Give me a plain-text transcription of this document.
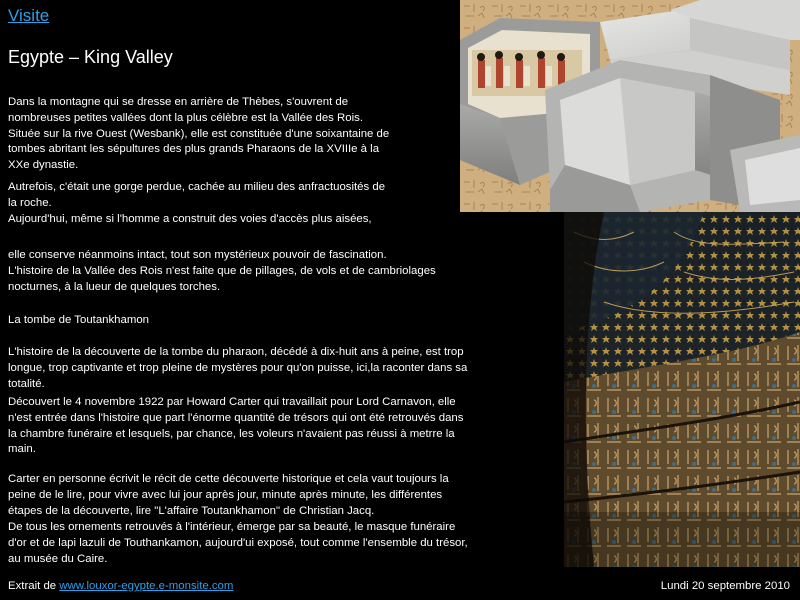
Visite
Egypte – King Valley

Dans la montagne qui se dresse en arrière de Thèbes, s'ouvrent de
nombreuses petites vallées dont la plus célèbre est la Vallée des Rois.
Située sur la rive Ouest (Wesbank), elle est constituée d'une soixantaine de
tombes abritant les sépultures des plus grands Pharaons de la XVIIIe à la
XXe dynastie.

Autrefois, c'était une gorge perdue, cachée au milieu des anfractuosités de
la roche.
Aujourd'hui, même si l'homme a construit des voies d'accès plus aisées,

elle conserve néanmoins intact, tout son mystérieux pouvoir de fascination.
L'histoire de la Vallée des Rois n'est faite que de pillages, de vols et de cambriolages
nocturnes, à la lueur de quelques torches.

La tombe de Toutankhamon

L'histoire de la découverte de la tombe du pharaon, décédé à dix-huit ans à peine, est trop
longue, trop captivante et trop pleine de mystères pour qu'on puisse, ici,la raconter dans sa
totalité.

Découvert le 4 novembre 1922 par Howard Carter qui travaillait pour Lord Carnavon, elle
n'est entrée dans l'histoire que part l'énorme quantité de trésors qui ont été retrouvés dans
la chambre funéraire et lesquels, par chance, les voleurs n'avaient pas réussi à metrre la
main.

Carter en personne écrivit le récit de cette découverte historique et cela vaut toujours la
peine de le lire, pour vivre avec lui jour après jour, minute après minute, les différentes
étapes de la découverte, lire "L'affaire Toutankhamon" de Christian Jacq.

De tous les ornements retrouvés à l'intérieur, émerge par sa beauté, le masque funéraire
d'or et de lapi lazuli de Touthankamon, aujourd'ui exposé, tout comme l'ensemble du trésor,
au musée du Caire.

Extrait de www.louxor-egypte.e-monsite.com	Lundi 20 septembre 2010
